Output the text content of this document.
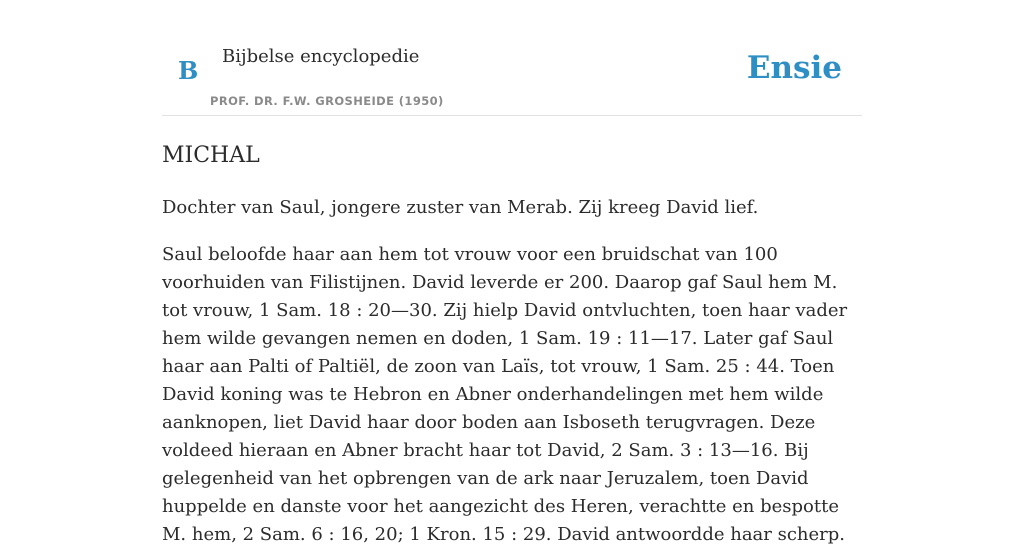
B Bijbelse encyclopedie
PROF. DR. F.W. GROSHEIDE (1950)
Ensie
MICHAL

Dochter van Saul, jongere zuster van Merab. Zij kreeg David lief.

Saul beloofde haar aan hem tot vrouw voor een bruidschat van 100 voorhuiden van Filistijnen. David leverde er 200. Daarop gaf Saul hem M. tot vrouw, 1 Sam. 18 : 20—30. Zij hielp David ontvluchten, toen haar vader hem wilde gevangen nemen en doden, 1 Sam. 19 : 11—17. Later gaf Saul haar aan Palti of Paltiël, de zoon van Laïs, tot vrouw, 1 Sam. 25 : 44. Toen David koning was te Hebron en Abner onderhandelingen met hem wilde aanknopen, liet David haar door boden aan Isboseth terugvragen. Deze voldeed hieraan en Abner bracht haar tot David, 2 Sam. 3 : 13—16. Bij gelegenheid van het opbrengen van de ark naar Jeruzalem, toen David huppelde en danste voor het aangezicht des Heren, verachtte en bespotte M. hem, 2 Sam. 6 : 16, 20; 1 Kron. 15 : 29. David antwoordde haar scherp.
